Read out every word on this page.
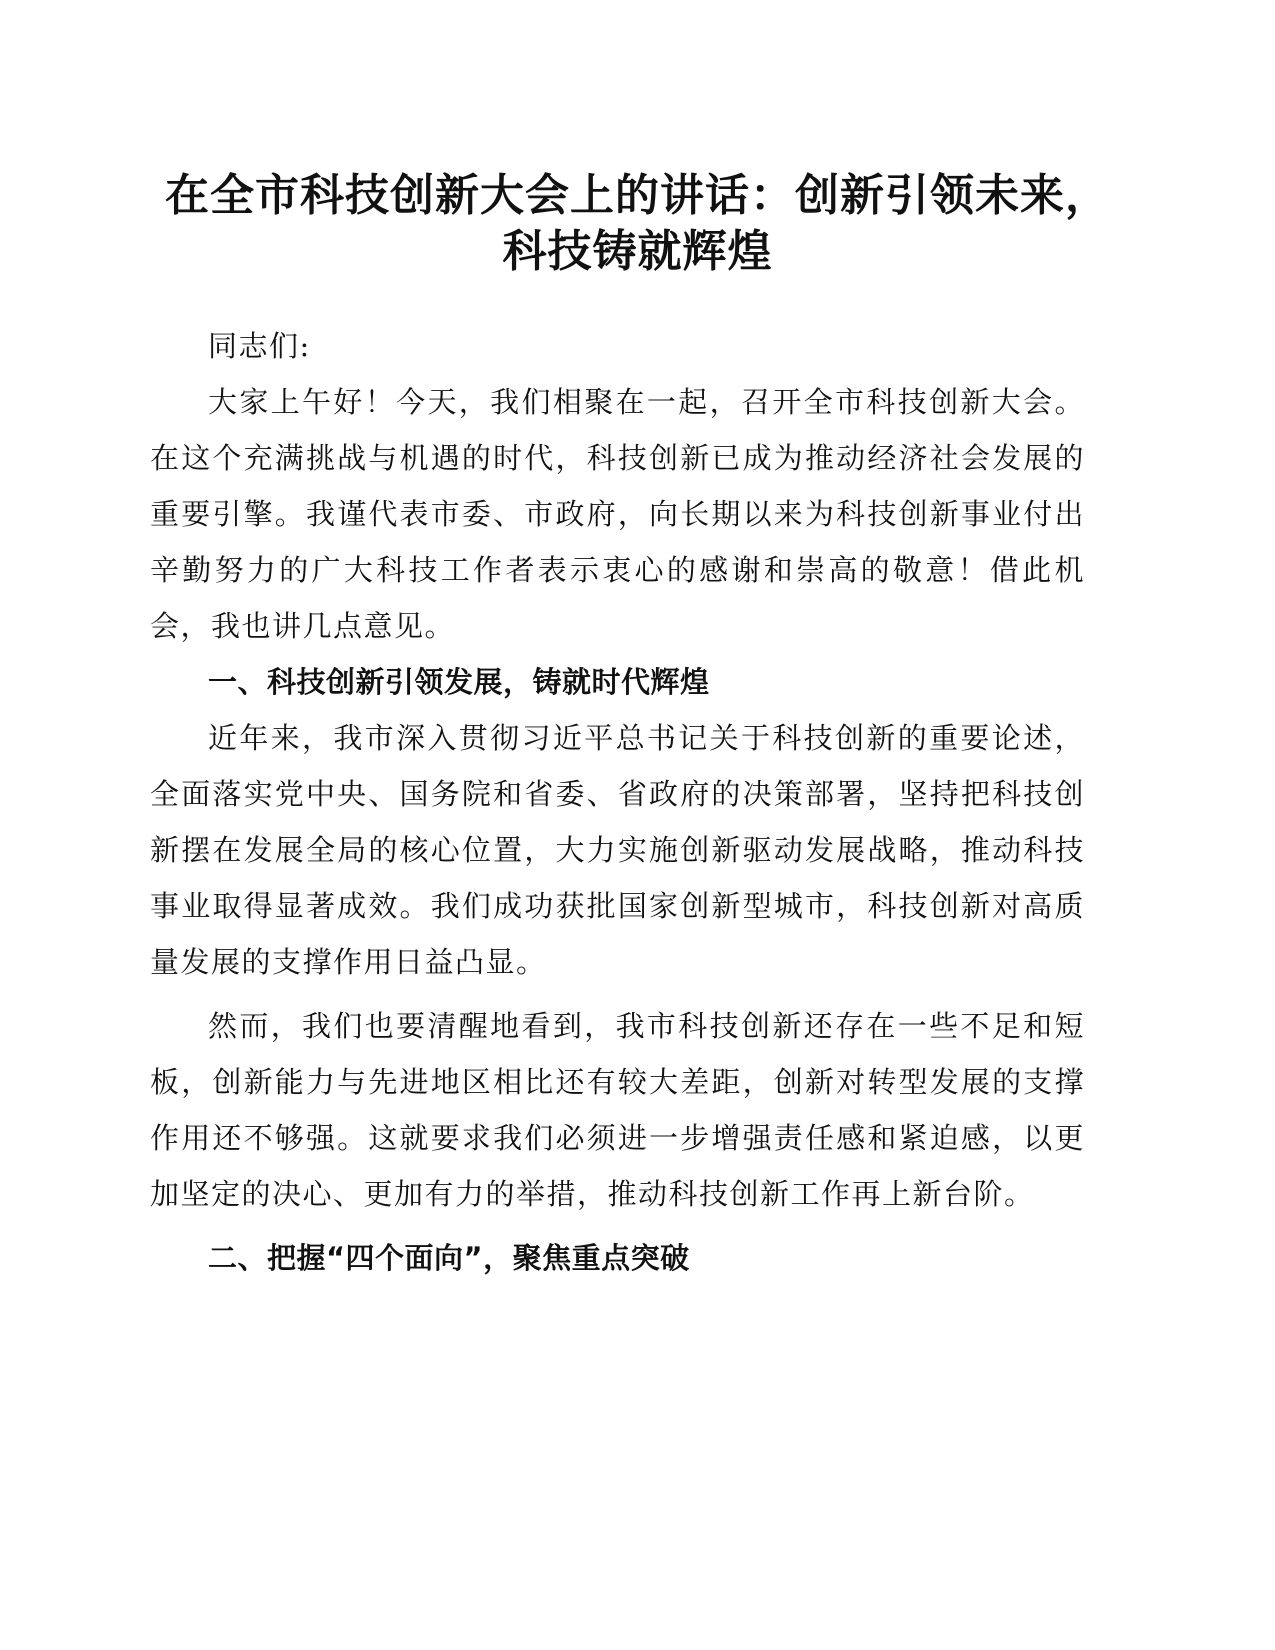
在全市科技创新大会上的讲话：创新引领未来，科技铸就辉煌

同志们:

大家上午好！今天，我们相聚在一起，召开全市科技创新大会。在这个充满挑战与机遇的时代，科技创新已成为推动经济社会发展的重要引擎。我谨代表市委、市政府，向长期以来为科技创新事业付出辛勤努力的广大科技工作者表示衷心的感谢和崇高的敬意！借此机会，我也讲几点意见。

一、科技创新引领发展，铸就时代辉煌

近年来，我市深入贯彻习近平总书记关于科技创新的重要论述，全面落实党中央、国务院和省委、省政府的决策部署，坚持把科技创新摆在发展全局的核心位置，大力实施创新驱动发展战略，推动科技事业取得显著成效。我们成功获批国家创新型城市，科技创新对高质量发展的支撑作用日益凸显。

然而，我们也要清醒地看到，我市科技创新还存在一些不足和短板，创新能力与先进地区相比还有较大差距，创新对转型发展的支撑作用还不够强。这就要求我们必须进一步增强责任感和紧迫感，以更加坚定的决心、更加有力的举措，推动科技创新工作再上新台阶。

二、把握“四个面向”，聚焦重点突破
